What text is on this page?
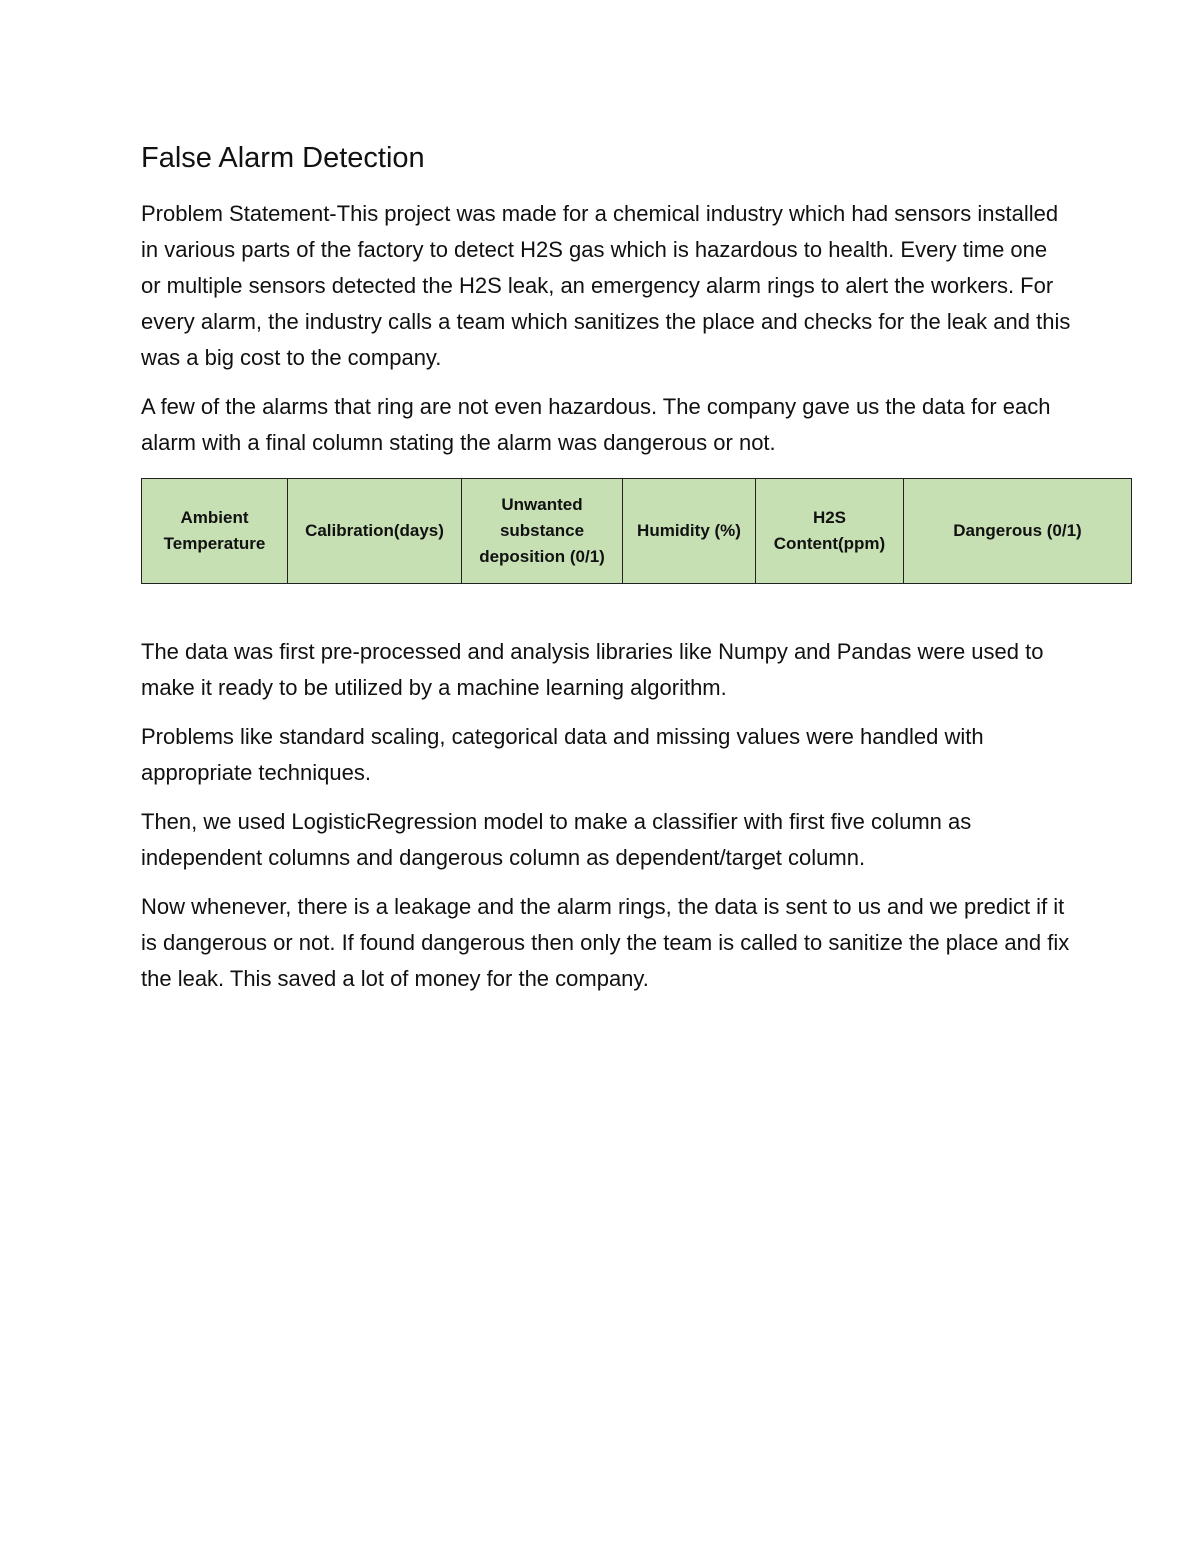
False Alarm Detection

Problem Statement-This project was made for a chemical industry which had sensors installed in various parts of the factory to detect H2S gas which is hazardous to health. Every time one or multiple sensors detected the H2S leak, an emergency alarm rings to alert the workers. For every alarm, the industry calls a team which sanitizes the place and checks for the leak and this was a big cost to the company.

A few of the alarms that ring are not even hazardous. The company gave us the data for each alarm with a final column stating the alarm was dangerous or not.

Ambient Temperature	Calibration(days)	Unwanted substance deposition (0/1)	Humidity (%)	H2S Content(ppm)	Dangerous (0/1)

The data was first pre-processed and analysis libraries like Numpy and Pandas were used to make it ready to be utilized by a machine learning algorithm.

Problems like standard scaling, categorical data and missing values were handled with appropriate techniques.

Then, we used LogisticRegression model to make a classifier with first five column as independent columns and dangerous column as dependent/target column.

Now whenever, there is a leakage and the alarm rings, the data is sent to us and we predict if it is dangerous or not. If found dangerous then only the team is called to sanitize the place and fix the leak. This saved a lot of money for the company.
